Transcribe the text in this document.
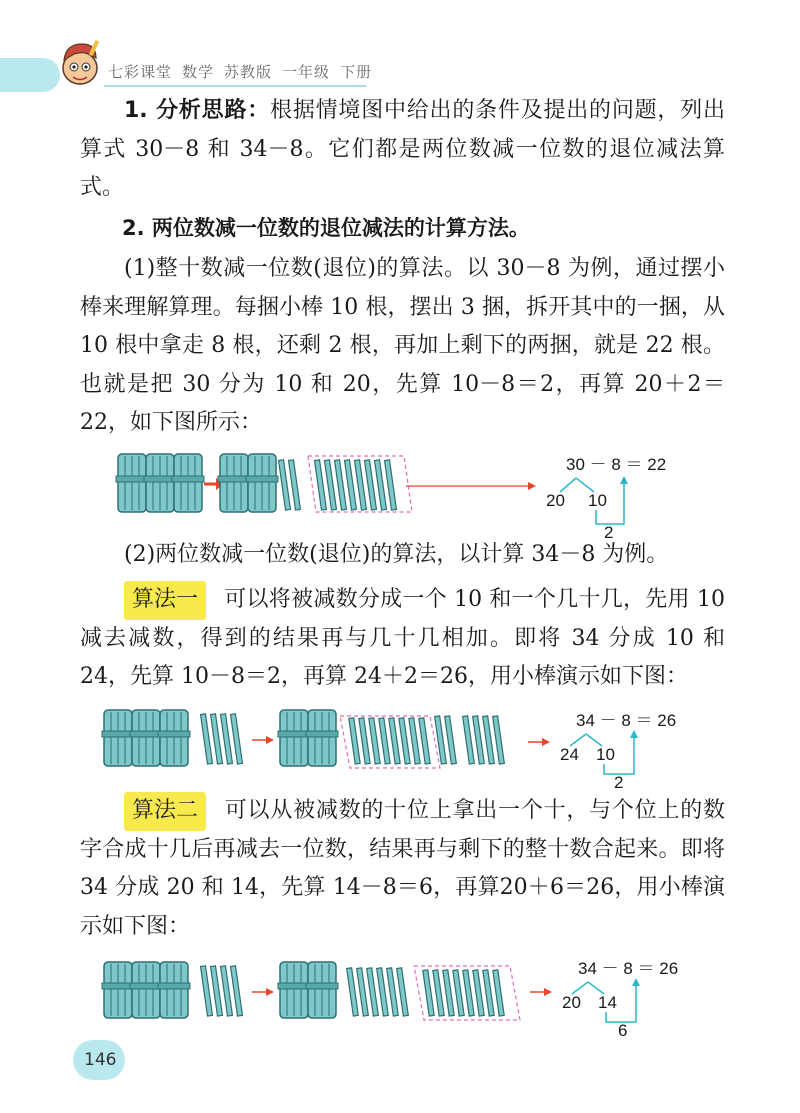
七彩课堂 数学 苏教版 一年级 下册
1. 分析思路：根据情境图中给出的条件及提出的问题，列出算式 30－8 和 34－8。它们都是两位数减一位数的退位减法算式。
2. 两位数减一位数的退位减法的计算方法。
(1)整十数减一位数(退位)的算法。以 30－8 为例，通过摆小棒来理解算理。每捆小棒 10 根，摆出 3 捆，拆开其中的一捆，从 10 根中拿走 8 根，还剩 2 根，再加上剩下的两捆，就是 22 根。也就是把 30 分为 10 和 20，先算 10－8＝2，再算 20＋2＝22，如下图所示：
30 － 8 ＝ 22
20 10
2
(2)两位数减一位数(退位)的算法，以计算 34－8 为例。
算法一 可以将被减数分成一个 10 和一个几十几，先用 10 减去减数，得到的结果再与几十几相加。即将 34 分成 10 和 24，先算 10－8＝2，再算 24＋2＝26，用小棒演示如下图：
34 － 8 ＝ 26
24 10
2
算法二 可以从被减数的十位上拿出一个十，与个位上的数字合成十几后再减去一位数，结果再与剩下的整十数合起来。即将 34 分成 20 和 14，先算 14－8＝6，再算20＋6＝26，用小棒演示如下图：
34 － 8 ＝ 26
20 14
6
146
